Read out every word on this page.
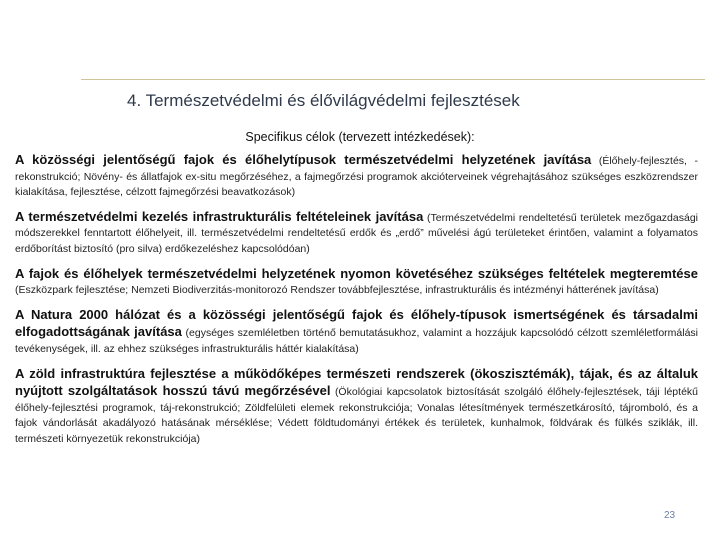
4. Természetvédelmi és élővilágvédelmi fejlesztések
Specifikus célok (tervezett intézkedések):
A közösségi jelentőségű fajok és élőhelytípusok természetvédelmi helyzetének javítása (Élőhely-fejlesztés, -rekonstrukció; Növény- és állatfajok ex-situ megőrzéséhez, a fajmegőrzési programok akcióterveinek végrehajtásához szükséges eszközrendszer kialakítása, fejlesztése, célzott fajmegőrzési beavatkozások)
A természetvédelmi kezelés infrastrukturális feltételeinek javítása (Természetvédelmi rendeltetésű területek mezőgazdasági módszerekkel fenntartott élőhelyeit, ill. természetvédelmi rendeltetésű erdők és „erdő” művelési ágú területeket érintően, valamint a folyamatos erdőborítást biztosító (pro silva) erdőkezeléshez kapcsolódóan)
A fajok és élőhelyek természetvédelmi helyzetének nyomon követéséhez szükséges feltételek megteremtése (Eszközpark fejlesztése; Nemzeti Biodiverzitás-monitorozó Rendszer továbbfejlesztése, infrastrukturális és intézményi hátterének javítása)
A Natura 2000 hálózat és a közösségi jelentőségű fajok és élőhely-típusok ismertségének és társadalmi elfogadottságának javítása (egységes szemléletben történő bemutatásukhoz, valamint a hozzájuk kapcsolódó célzott szemléletformálási tevékenységek, ill. az ehhez szükséges infrastrukturális háttér kialakítása)
A zöld infrastruktúra fejlesztése a működőképes természeti rendszerek (ökoszisztémák), tájak, és az általuk nyújtott szolgáltatások hosszú távú megőrzésével (Ökológiai kapcsolatok biztosítását szolgáló élőhely-fejlesztések, táji léptékű élőhely-fejlesztési programok, táj-rekonstrukció; Zöldfelületi elemek rekonstrukciója; Vonalas létesítmények természetkárosító, tájromboló, és a fajok vándorlását akadályozó hatásának mérséklése; Védett földtudományi értékek és területek, kunhalmok, földvárak és fülkés sziklák, ill. természeti környezetük rekonstrukciója)
23
